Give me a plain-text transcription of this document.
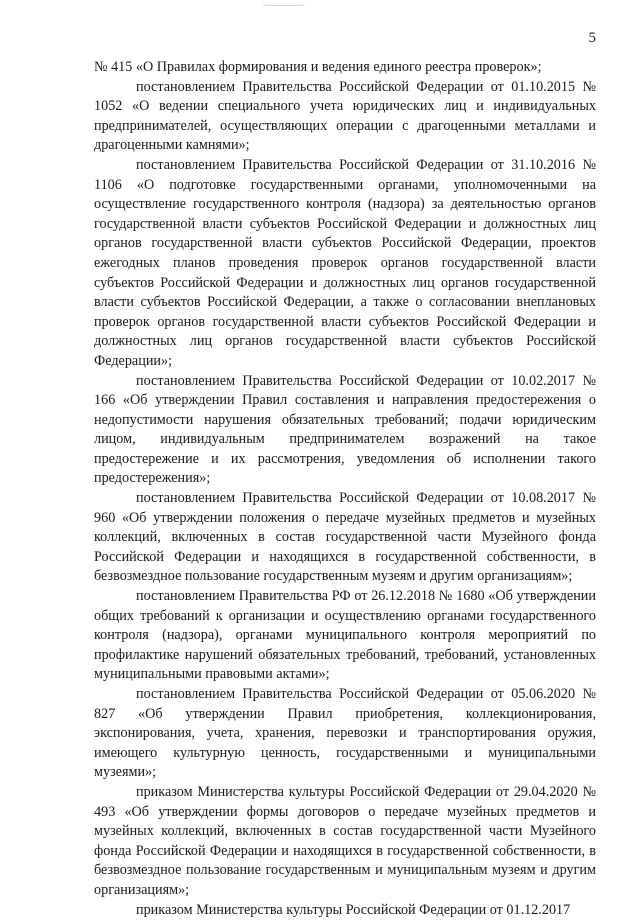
5

№ 415 «О Правилах формирования и ведения единого реестра проверок»;

постановлением Правительства Российской Федерации от 01.10.2015 № 1052 «О ведении специального учета юридических лиц и индивидуальных предпринимателей, осуществляющих операции с драгоценными металлами и драгоценными камнями»;

постановлением Правительства Российской Федерации от 31.10.2016 № 1106 «О подготовке государственными органами, уполномоченными на осуществление государственного контроля (надзора) за деятельностью органов государственной власти субъектов Российской Федерации и должностных лиц органов государственной власти субъектов Российской Федерации, проектов ежегодных планов проведения проверок органов государственной власти субъектов Российской Федерации и должностных лиц органов государственной власти субъектов Российской Федерации, а также о согласовании внеплановых проверок органов государственной власти субъектов Российской Федерации и должностных лиц органов государственной власти субъектов Российской Федерации»;

постановлением Правительства Российской Федерации от 10.02.2017 № 166 «Об утверждении Правил составления и направления предостережения о недопустимости нарушения обязательных требований; подачи юридическим лицом, индивидуальным предпринимателем возражений на такое предостережение и их рассмотрения, уведомления об исполнении такого предостережения»;

постановлением Правительства Российской Федерации от 10.08.2017 № 960 «Об утверждении положения о передаче музейных предметов и музейных коллекций, включенных в состав государственной части Музейного фонда Российской Федерации и находящихся в государственной собственности, в безвозмездное пользование государственным музеям и другим организациям»;

постановлением Правительства РФ от 26.12.2018 № 1680 «Об утверждении общих требований к организации и осуществлению органами государственного контроля (надзора), органами муниципального контроля мероприятий по профилактике нарушений обязательных требований, требований, установленных муниципальными правовыми актами»;

постановлением Правительства Российской Федерации от 05.06.2020 № 827 «Об утверждении Правил приобретения, коллекционирования, экспонирования, учета, хранения, перевозки и транспортирования оружия, имеющего культурную ценность, государственными и муниципальными музеями»;

приказом Министерства культуры Российской Федерации от 29.04.2020 № 493 «Об утверждении формы договоров о передаче музейных предметов и музейных коллекций, включенных в состав государственной части Музейного фонда Российской Федерации и находящихся в государственной собственности, в безвозмездное пользование государственным и муниципальным музеям и другим организациям»;

приказом Министерства культуры Российской Федерации от 01.12.2017
